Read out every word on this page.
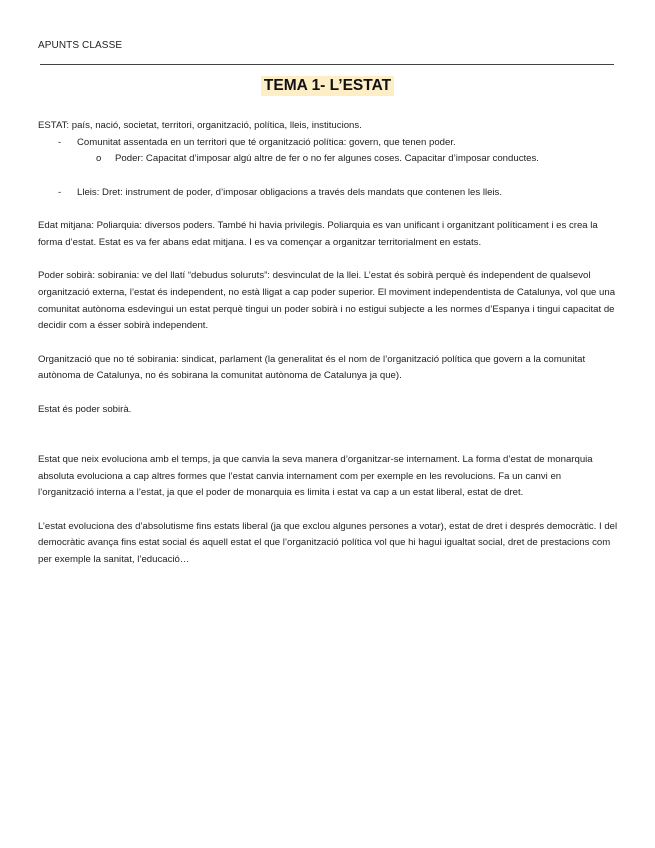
APUNTS CLASSE
TEMA 1- L’ESTAT

ESTAT: país, nació, societat, territori, organització, política, lleis, institucions.

- Comunitat assentada en un territori que té organització política: govern, que tenen poder.
o Poder: Capacitat d’imposar algú altre de fer o no fer algunes coses. Capacitar d’imposar conductes.
- Lleis: Dret: instrument de poder, d’imposar obligacions a través dels mandats que contenen les lleis.

Edat mitjana: Poliarquia: diversos poders. També hi havia privilegis. Poliarquia es van unificant i organitzant políticament i es crea la forma d’estat. Estat es va fer abans edat mitjana. I es va començar a organitzar territorialment en estats.

Poder sobirà: sobirania: ve del llatí “debudus soluruts”: desvinculat de la llei. L’estat és sobirà perquè és independent de qualsevol organització externa, l’estat és independent, no està lligat a cap poder superior. El moviment independentista de Catalunya, vol que una comunitat autònoma esdevingui un estat perquè tingui un poder sobirà i no estigui subjecte a les normes d’Espanya i tingui capacitat de decidir com a ésser sobirà independent.

Organització que no té sobirania: sindicat, parlament (la generalitat és el nom de l’organització política que govern a la comunitat autònoma de Catalunya, no és sobirana la comunitat autònoma de Catalunya ja que).

Estat és poder sobirà.

Estat que neix evoluciona amb el temps, ja que canvia la seva manera d’organitzar-se internament. La forma d’estat de monarquia absoluta evoluciona a cap altres formes que l’estat canvia internament com per exemple en les revolucions. Fa un canvi en l’organització interna a l’estat, ja que el poder de monarquia es limita i estat va cap a un estat liberal, estat de dret.

L’estat evoluciona des d’absolutisme fins estats liberal (ja que exclou algunes persones a votar), estat de dret i després democràtic. I del democràtic avança fins estat social és aquell estat el que l’organització política vol que hi hagui igualtat social, dret de prestacions com per exemple la sanitat, l’educació…
